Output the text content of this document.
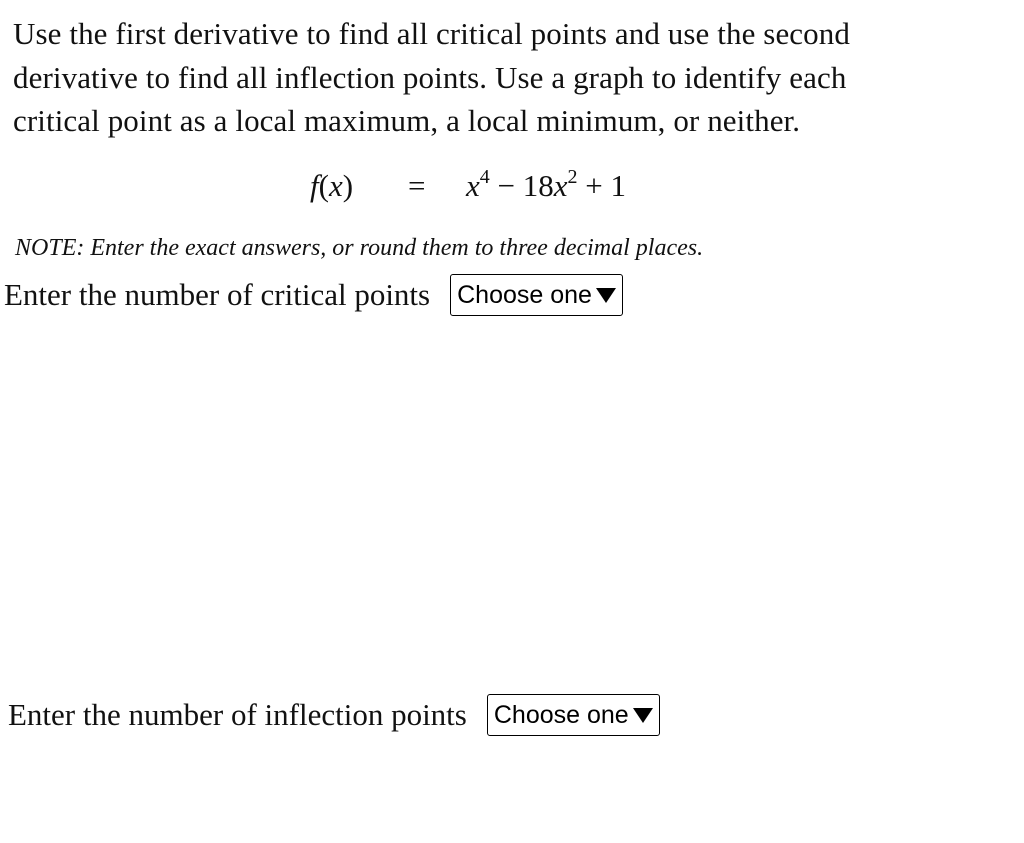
Use the first derivative to find all critical points and use the second
derivative to find all inflection points. Use a graph to identify each
critical point as a local maximum, a local minimum, or neither.
$f(x) = x^4 - 18x^2 + 1$
NOTE: Enter the exact answers, or round them to three decimal places.
Enter the number of critical points Choose one
Enter the number of inflection points Choose one
